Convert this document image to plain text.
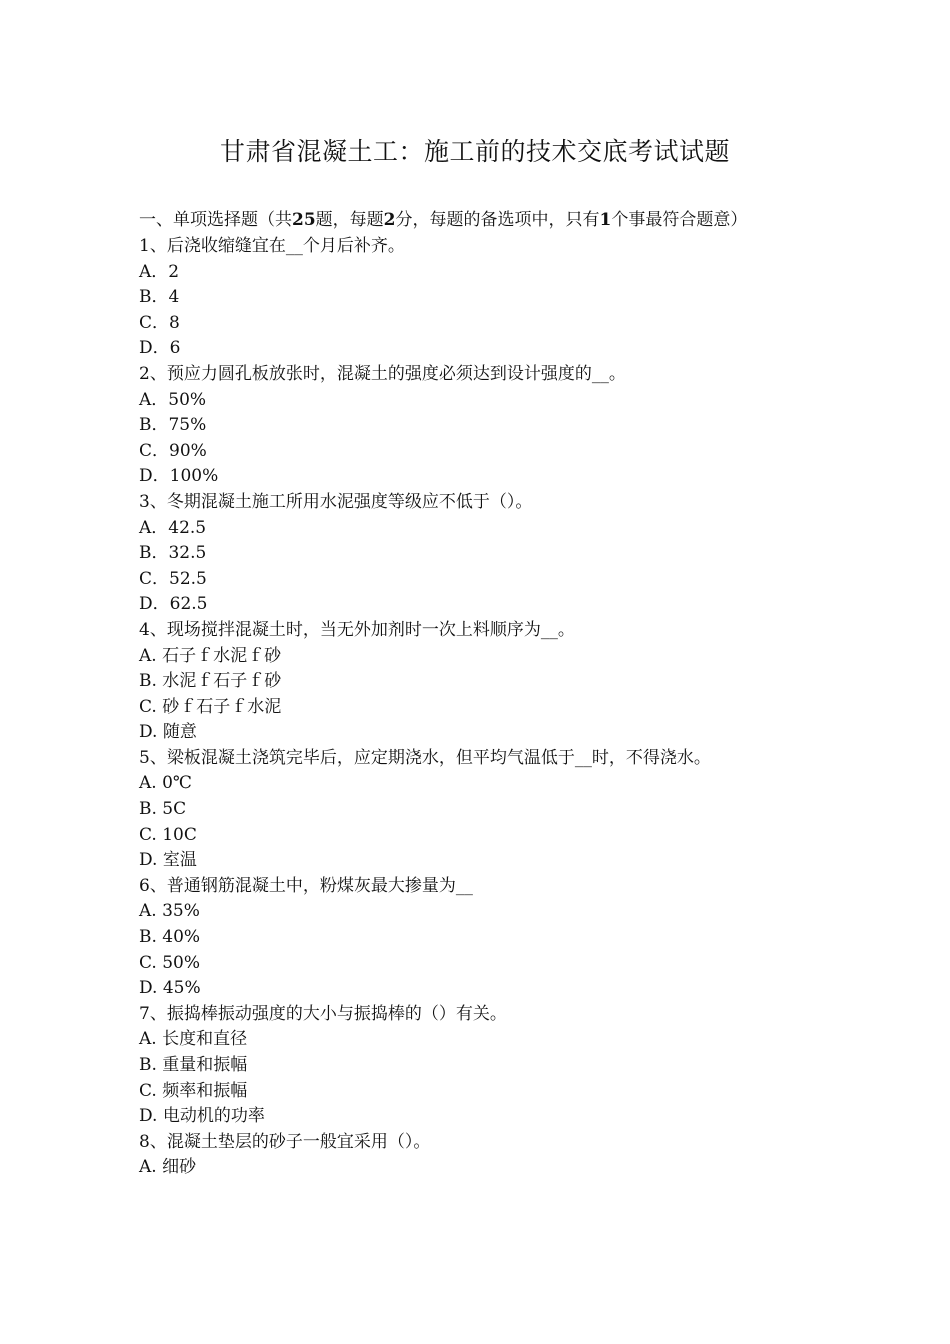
甘肃省混凝土工：施工前的技术交底考试试题
一、单项选择题（共25题，每题2分，每题的备选项中，只有1个事最符合题意）
1、后浇收缩缝宜在__个月后补齐。
A．2
B．4
C．8
D．6
2、预应力圆孔板放张时，混凝土的强度必须达到设计强度的__。
A．50%
B．75%
C．90%
D．100%
3、冬期混凝土施工所用水泥强度等级应不低于（）。
A．42.5
B．32.5
C．52.5
D．62.5
4、现场搅拌混凝土时，当无外加剂时一次上料顺序为__。
A. 石子ｆ水泥ｆ砂
B. 水泥ｆ石子ｆ砂
C. 砂ｆ石子ｆ水泥
D. 随意
5、梁板混凝土浇筑完毕后，应定期浇水，但平均气温低于__时，不得浇水。
A. 0℃
B. 5C
C. 10C
D. 室温
6、普通钢筋混凝土中，粉煤灰最大掺量为__
A. 35%
B. 40%
C. 50%
D. 45%
7、振捣棒振动强度的大小与振捣棒的（）有关。
A. 长度和直径
B. 重量和振幅
C. 频率和振幅
D. 电动机的功率
8、混凝土垫层的砂子一般宜采用（）。
A. 细砂
